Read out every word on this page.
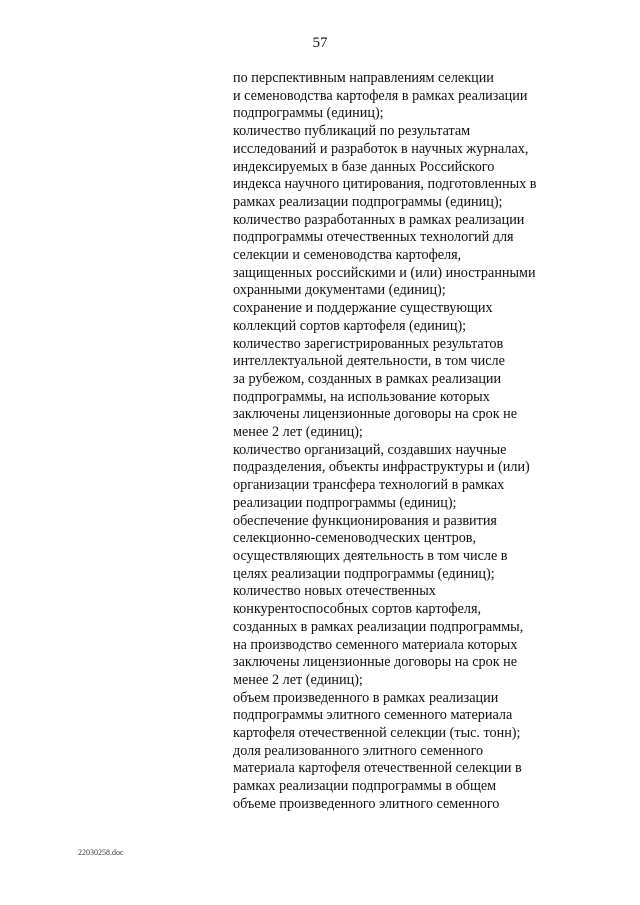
57
по перспективным направлениям селекции
и семеноводства картофеля в рамках реализации
подпрограммы (единиц);
количество публикаций по результатам
исследований и разработок в научных журналах,
индексируемых в базе данных Российского
индекса научного цитирования, подготовленных в
рамках реализации подпрограммы (единиц);
количество разработанных в рамках реализации
подпрограммы отечественных технологий для
селекции и семеноводства картофеля,
защищенных российскими и (или) иностранными
охранными документами (единиц);
сохранение и поддержание существующих
коллекций сортов картофеля (единиц);
количество зарегистрированных результатов
интеллектуальной деятельности, в том числе
за рубежом, созданных в рамках реализации
подпрограммы, на использование которых
заключены лицензионные договоры на срок не
менее 2 лет (единиц);
количество организаций, создавших научные
подразделения, объекты инфраструктуры и (или)
организации трансфера технологий в рамках
реализации подпрограммы (единиц);
обеспечение функционирования и развития
селекционно-семеноводческих центров,
осуществляющих деятельность в том числе в
целях реализации подпрограммы (единиц);
количество новых отечественных
конкурентоспособных сортов картофеля,
созданных в рамках реализации подпрограммы,
на производство семенного материала которых
заключены лицензионные договоры на срок не
менее 2 лет (единиц);
объем произведенного в рамках реализации
подпрограммы элитного семенного материала
картофеля отечественной селекции (тыс. тонн);
доля реализованного элитного семенного
материала картофеля отечественной селекции в
рамках реализации подпрограммы в общем
объеме произведенного элитного семенного
22030258.doc
